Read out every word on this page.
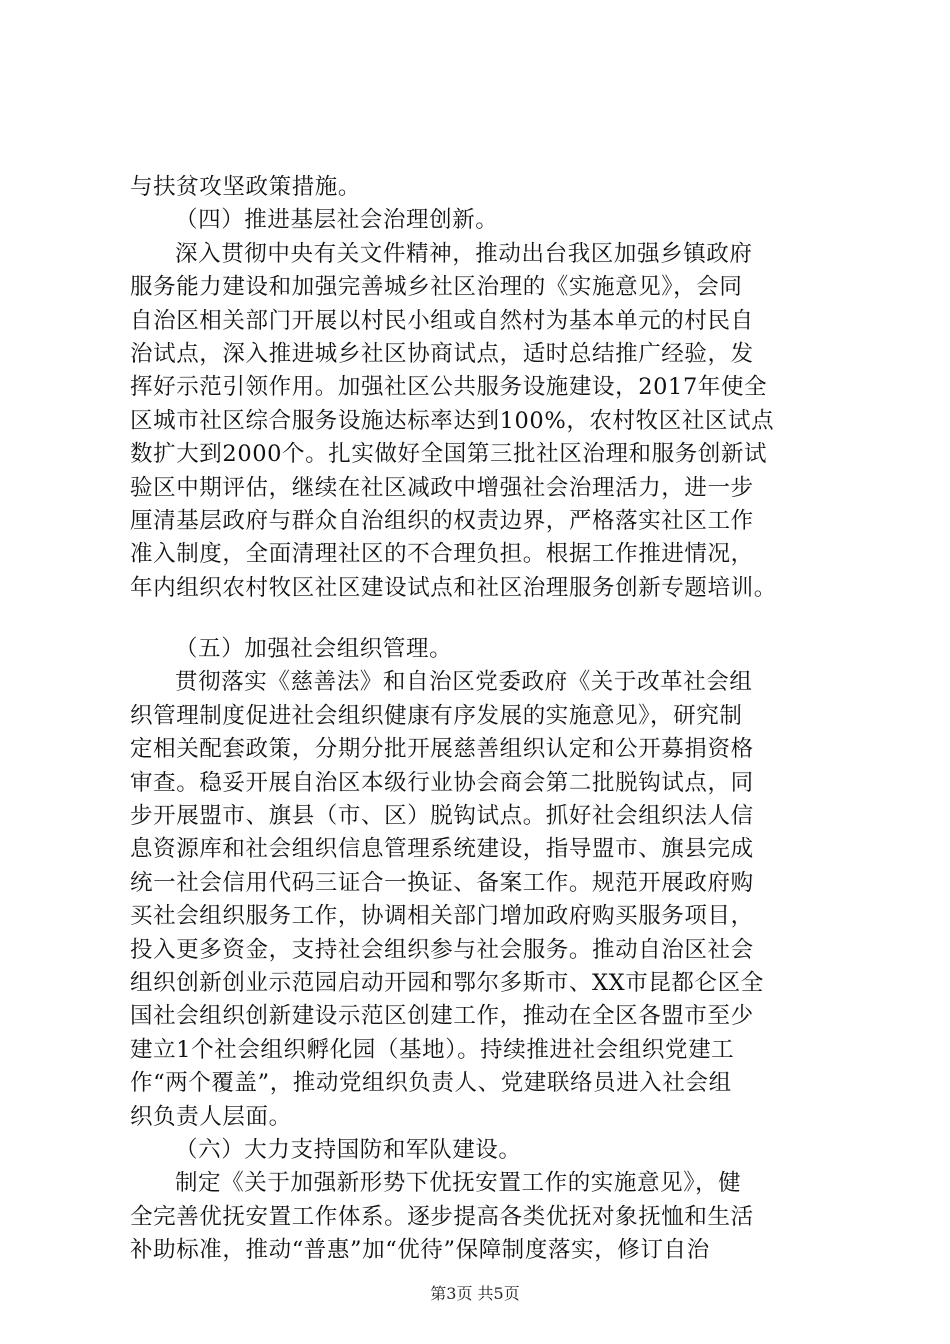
与扶贫攻坚政策措施。
（四）推进基层社会治理创新。
深入贯彻中央有关文件精神，推动出台我区加强乡镇政府
服务能力建设和加强完善城乡社区治理的《实施意见》，会同
自治区相关部门开展以村民小组或自然村为基本单元的村民自
治试点，深入推进城乡社区协商试点，适时总结推广经验，发
挥好示范引领作用。加强社区公共服务设施建设，2017年使全
区城市社区综合服务设施达标率达到100%，农村牧区社区试点
数扩大到2000个。扎实做好全国第三批社区治理和服务创新试
验区中期评估，继续在社区减政中增强社会治理活力，进一步
厘清基层政府与群众自治组织的权责边界，严格落实社区工作
准入制度，全面清理社区的不合理负担。根据工作推进情况，
年内组织农村牧区社区建设试点和社区治理服务创新专题培训。
（五）加强社会组织管理。
贯彻落实《慈善法》和自治区党委政府《关于改革社会组
织管理制度促进社会组织健康有序发展的实施意见》，研究制
定相关配套政策，分期分批开展慈善组织认定和公开募捐资格
审查。稳妥开展自治区本级行业协会商会第二批脱钩试点，同
步开展盟市、旗县（市、区）脱钩试点。抓好社会组织法人信
息资源库和社会组织信息管理系统建设，指导盟市、旗县完成
统一社会信用代码三证合一换证、备案工作。规范开展政府购
买社会组织服务工作，协调相关部门增加政府购买服务项目，
投入更多资金，支持社会组织参与社会服务。推动自治区社会
组织创新创业示范园启动开园和鄂尔多斯市、XX市昆都仑区全
国社会组织创新建设示范区创建工作，推动在全区各盟市至少
建立1个社会组织孵化园（基地）。持续推进社会组织党建工
作“两个覆盖”，推动党组织负责人、党建联络员进入社会组
织负责人层面。
（六）大力支持国防和军队建设。
制定《关于加强新形势下优抚安置工作的实施意见》，健
全完善优抚安置工作体系。逐步提高各类优抚对象抚恤和生活
补助标准，推动“普惠”加“优待”保障制度落实，修订自治
第3页 共5页
